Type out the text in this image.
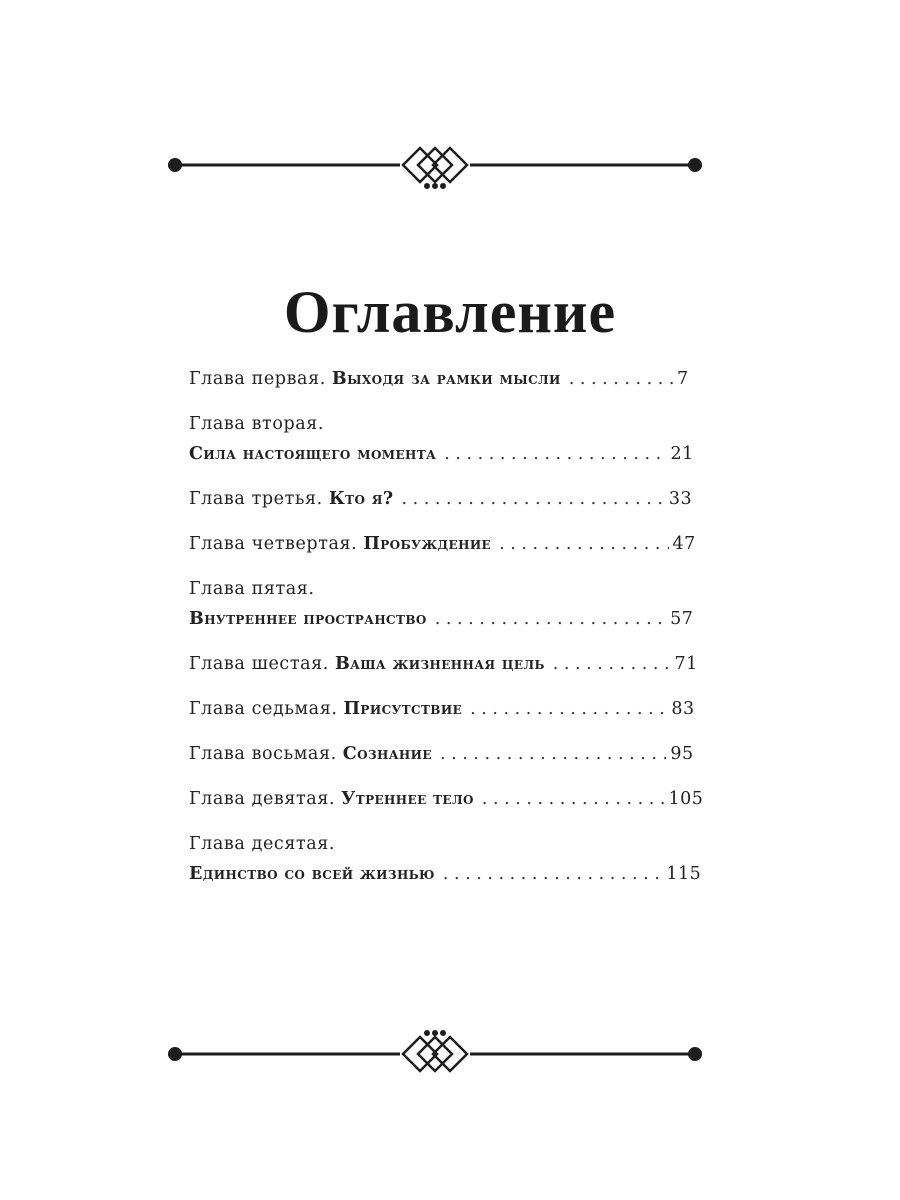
Оглавление
Глава первая. Выходя за рамки мысли . . .	7
Глава вторая.
Сила настоящего момента . . .	21
Глава третья. Кто я? . . .	33
Глава четвертая. Пробуждение . . .	47
Глава пятая.
Внутреннее пространство . . .	57
Глава шестая. Ваша жизненная цель . . .	71
Глава седьмая. Присутствие . . .	83
Глава восьмая. Сознание . . .	95
Глава девятая. Утреннее тело . . .	105
Глава десятая.
Единство со всей жизнью . . .	115
